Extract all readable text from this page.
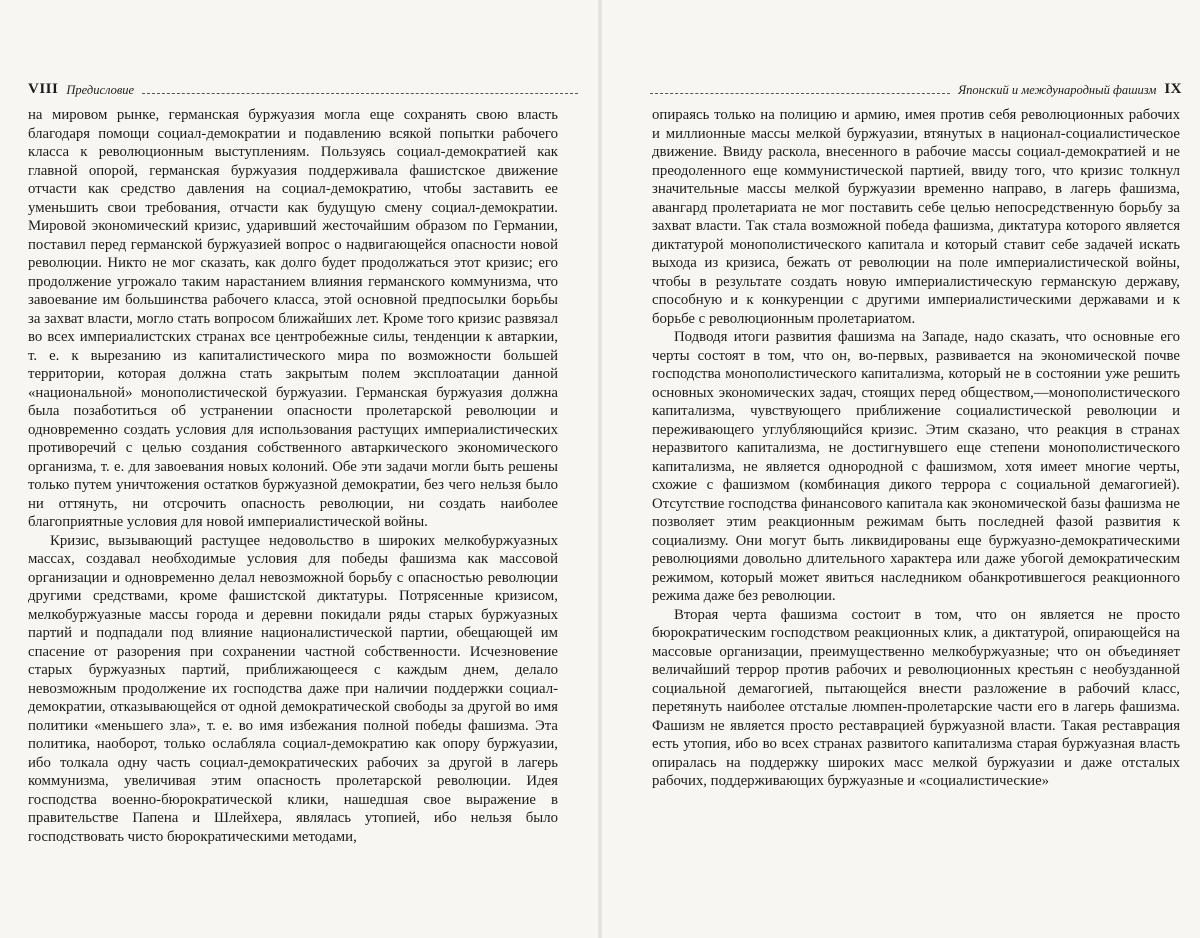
VIII Предисловие

на мировом рынке, германская буржуазия могла еще сохранять свою власть благодаря помощи социал-демократии и подавлению всякой попытки рабочего класса к революционным выступлениям. Пользуясь социал-демократией как главной опорой, германская буржуазия поддерживала фашистское движение отчасти как средство давления на социал-демократию, чтобы заставить ее уменьшить свои требования, отчасти как будущую смену социал-демократии. Мировой экономический кризис, ударивший жесточайшим образом по Германии, поставил перед германской буржуазией вопрос о надвигающейся опасности новой революции. Никто не мог сказать, как долго будет продолжаться этот кризис; его продолжение угрожало таким нарастанием влияния германского коммунизма, что завоевание им большинства рабочего класса, этой основной предпосылки борьбы за захват власти, могло стать вопросом ближайших лет. Кроме того кризис развязал во всех империалистских странах все центробежные силы, тенденции к автаркии, т. е. к вырезанию из капиталистического мира по возможности большей территории, которая должна стать закрытым полем эксплоатации данной «национальной» монополистической буржуазии. Германская буржуазия должна была позаботиться об устранении опасности пролетарской революции и одновременно создать условия для использования растущих империалистических противоречий с целью создания собственного автаркического экономического организма, т. е. для завоевания новых колоний. Обе эти задачи могли быть решены только путем уничтожения остатков буржуазной демократии, без чего нельзя было ни оттянуть, ни отсрочить опасность революции, ни создать наиболее благоприятные условия для новой империалистической войны.

Кризис, вызывающий растущее недовольство в широких мелкобуржуазных массах, создавал необходимые условия для победы фашизма как массовой организации и одновременно делал невозможной борьбу с опасностью революции другими средствами, кроме фашистской диктатуры. Потрясенные кризисом, мелкобуржуазные массы города и деревни покидали ряды старых буржуазных партий и подпадали под влияние националистической партии, обещающей им спасение от разорения при сохранении частной собственности. Исчезновение старых буржуазных партий, приближающееся с каждым днем, делало невозможным продолжение их господства даже при наличии поддержки социал-демократии, отказывающейся от одной демократической свободы за другой во имя политики «меньшего зла», т. е. во имя избежания полной победы фашизма. Эта политика, наоборот, только ослабляла социал-демократию как опору буржуазии, ибо толкала одну часть социал-демократических рабочих за другой в лагерь коммунизма, увеличивая этим опасность пролетарской революции. Идея господства военно-бюрократической клики, нашедшая свое выражение в правительстве Папена и Шлейхера, являлась утопией, ибо нельзя было господствовать чисто бюрократическими методами,

Японский и международный фашизм IX

опираясь только на полицию и армию, имея против себя революционных рабочих и миллионные массы мелкой буржуазии, втянутых в национал-социалистическое движение. Ввиду раскола, внесенного в рабочие массы социал-демократией и не преодоленного еще коммунистической партией, ввиду того, что кризис толкнул значительные массы мелкой буржуазии временно направо, в лагерь фашизма, авангард пролетариата не мог поставить себе целью непосредственную борьбу за захват власти. Так стала возможной победа фашизма, диктатура которого является диктатурой монополистического капитала и который ставит себе задачей искать выхода из кризиса, бежать от революции на поле империалистической войны, чтобы в результате создать новую империалистическую германскую державу, способную и к конкуренции с другими империалистическими державами и к борьбе с революционным пролетариатом.

Подводя итоги развития фашизма на Западе, надо сказать, что основные его черты состоят в том, что он, во-первых, развивается на экономической почве господства монополистического капитализма, который не в состоянии уже решить основных экономических задач, стоящих перед обществом,—монополистического капитализма, чувствующего приближение социалистической революции и переживающего углубляющийся кризис. Этим сказано, что реакция в странах неразвитого капитализма, не достигнувшего еще степени монополистического капитализма, не является однородной с фашизмом, хотя имеет многие черты, схожие с фашизмом (комбинация дикого террора с социальной демагогией). Отсутствие господства финансового капитала как экономической базы фашизма не позволяет этим реакционным режимам быть последней фазой развития к социализму. Они могут быть ликвидированы еще буржуазно-демократическими революциями довольно длительного характера или даже убогой демократическим режимом, который может явиться наследником обанкротившегося реакционного режима даже без революции.

Вторая черта фашизма состоит в том, что он является не просто бюрократическим господством реакционных клик, а диктатурой, опирающейся на массовые организации, преимущественно мелкобуржуазные; что он объединяет величайший террор против рабочих и революционных крестьян с необузданной социальной демагогией, пытающейся внести разложение в рабочий класс, перетянуть наиболее отсталые люмпен-пролетарские части его в лагерь фашизма. Фашизм не является просто реставрацией буржуазной власти. Такая реставрация есть утопия, ибо во всех странах развитого капитализма старая буржуазная власть опиралась на поддержку широких масс мелкой буржуазии и даже отсталых рабочих, поддерживающих буржуазные и «социалистические»
